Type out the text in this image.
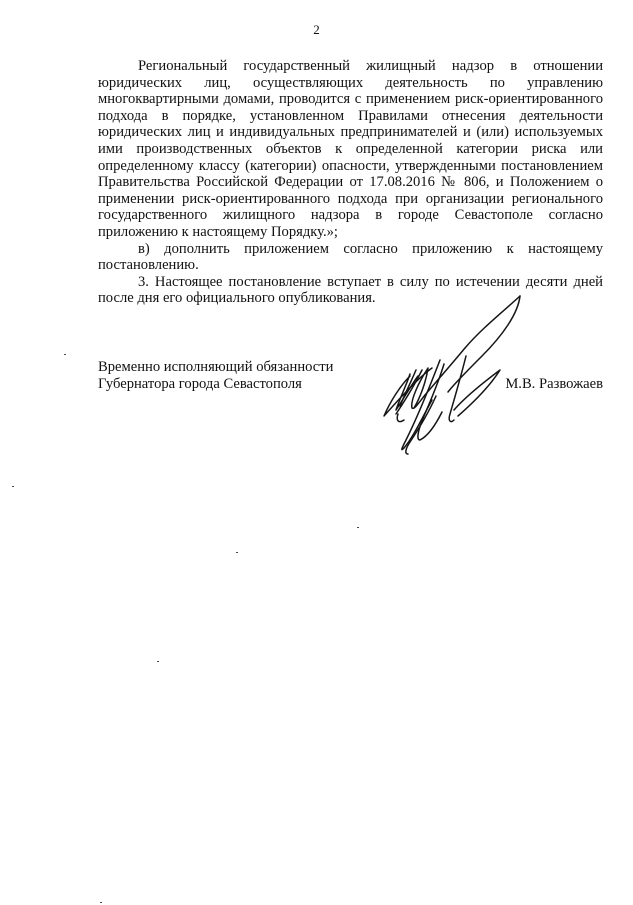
2

Региональный государственный жилищный надзор в отношении юридических лиц, осуществляющих деятельность по управлению многоквартирными домами, проводится с применением риск-ориентированного подхода в порядке, установленном Правилами отнесения деятельности юридических лиц и индивидуальных предпринимателей и (или) используемых ими производственных объектов к определенной категории риска или определенному классу (категории) опасности, утвержденными постановлением Правительства Российской Федерации от 17.08.2016 № 806, и Положением о применении риск-ориентированного подхода при организации регионального государственного жилищного надзора в городе Севастополе согласно приложению к настоящему Порядку.»;

в) дополнить приложением согласно приложению к настоящему постановлению.

3. Настоящее постановление вступает в силу по истечении десяти дней после дня его официального опубликования.

Временно исполняющий обязанности
Губернатора города Севастополя	М.В. Развожаев
